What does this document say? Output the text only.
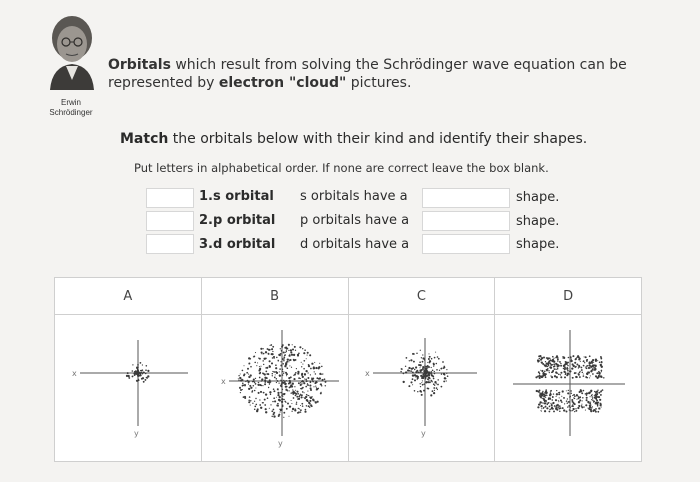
Erwin
Schrödinger
Orbitals which result from solving the Schrödinger wave equation can be represented by electron "cloud" pictures.
Match the orbitals below with their kind and identify their shapes.
Put letters in alphabetical order. If none are correct leave the box blank.
1.s orbital s orbitals have a	shape.
2.p orbital p orbitals have a	shape.
3.d orbital d orbitals have a	shape.
A	B	C	D

x
y	x
y	x
y
